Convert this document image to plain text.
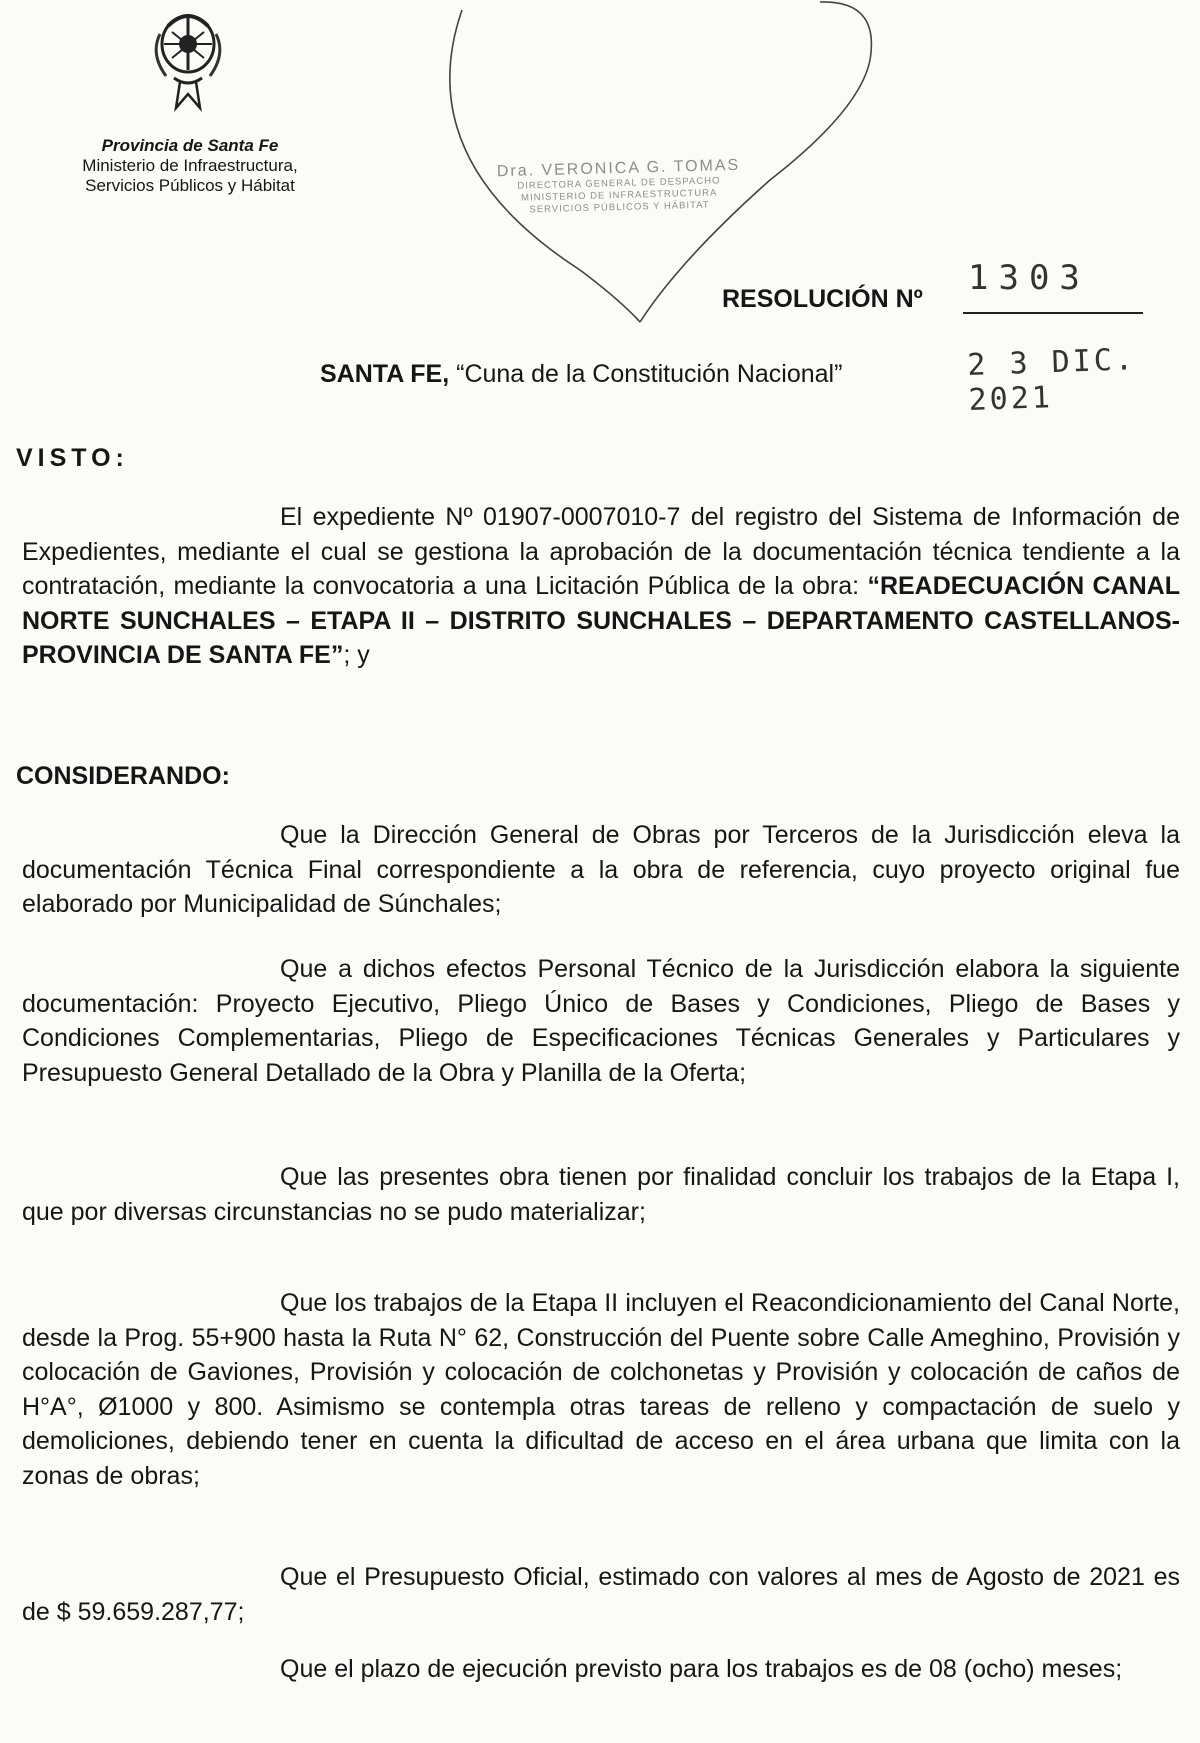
Provincia de Santa Fe
Ministerio de Infraestructura,
Servicios Públicos y Hábitat
Dra. VERONICA G. TOMAS
DIRECTORA GENERAL DE DESPACHO
MINISTERIO DE INFRAESTRUCTURA
SERVICIOS PÚBLICOS Y HÁBITAT
RESOLUCIÓN Nº
1303
SANTA FE, “Cuna de la Constitución Nacional”	2 3 DIC. 2021
VISTO:
El expediente Nº 01907-0007010-7 del registro del Sistema de Información de Expedientes, mediante el cual se gestiona la aprobación de la documentación técnica tendiente a la contratación, mediante la convocatoria a una Licitación Pública de la obra: “READECUACIÓN CANAL NORTE SUNCHALES – ETAPA II – DISTRITO SUNCHALES – DEPARTAMENTO CASTELLANOS-PROVINCIA DE SANTA FE”; y
CONSIDERANDO:
Que la Dirección General de Obras por Terceros de la Jurisdicción eleva la documentación Técnica Final correspondiente a la obra de referencia, cuyo proyecto original fue elaborado por Municipalidad de Súnchales;
Que a dichos efectos Personal Técnico de la Jurisdicción elabora la siguiente documentación: Proyecto Ejecutivo, Pliego Único de Bases y Condiciones, Pliego de Bases y Condiciones Complementarias, Pliego de Especificaciones Técnicas Generales y Particulares y Presupuesto General Detallado de la Obra y Planilla de la Oferta;
Que las presentes obra tienen por finalidad concluir los trabajos de la Etapa I, que por diversas circunstancias no se pudo materializar;
Que los trabajos de la Etapa II incluyen el Reacondicionamiento del Canal Norte, desde la Prog. 55+900 hasta la Ruta N° 62, Construcción del Puente sobre Calle Ameghino, Provisión y colocación de Gaviones, Provisión y colocación de colchonetas y Provisión y colocación de caños de H°A°, Ø1000 y 800. Asimismo se contempla otras tareas de relleno y compactación de suelo y demoliciones, debiendo tener en cuenta la dificultad de acceso en el área urbana que limita con la zonas de obras;
Que el Presupuesto Oficial, estimado con valores al mes de Agosto de 2021 es de $ 59.659.287,77;
Que el plazo de ejecución previsto para los trabajos es de 08 (ocho) meses;
